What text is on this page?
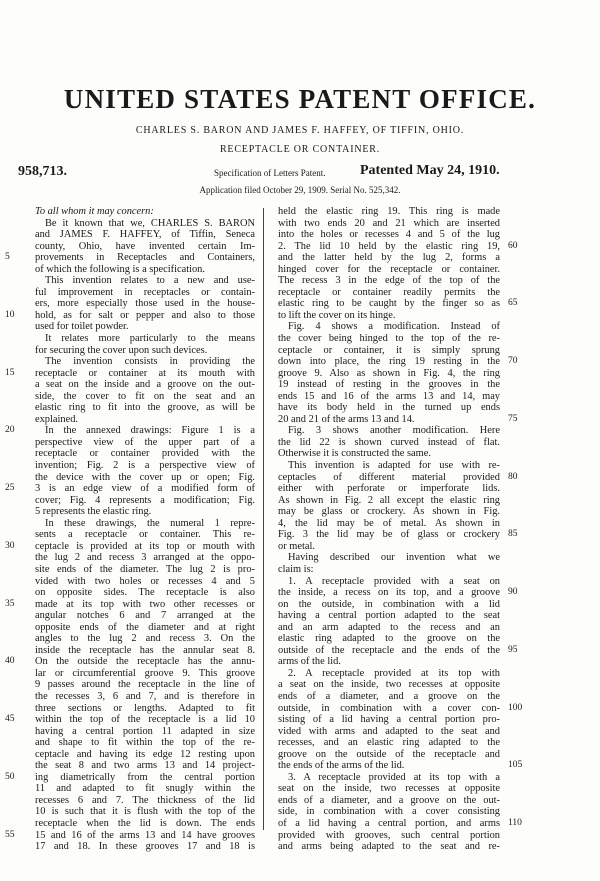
UNITED STATES PATENT OFFICE.
CHARLES S. BARON AND JAMES F. HAFFEY, OF TIFFIN, OHIO.
RECEPTACLE OR CONTAINER.
958,713.	Specification of Letters Patent. Patented May 24, 1910.
Application filed October 29, 1909. Serial No. 525,342.
To all whom it may concern:
Be it known that we, CHARLES S. BARON
and JAMES F. HAFFEY, of Tiffin, Seneca
county, Ohio, have invented certain Im-
provements in Receptacles and Containers,
of which the following is a specification.
This invention relates to a new and use-
ful improvement in receptacles or contain-
ers, more especially those used in the house-
hold, as for salt or pepper and also to those
used for toilet powder.
It relates more particularly to the means
for securing the cover upon such devices.
The invention consists in providing the
receptacle or container at its mouth with
a seat on the inside and a groove on the out-
side, the cover to fit on the seat and an
elastic ring to fit into the groove, as will be
explained.
In the annexed drawings: Figure 1 is a
perspective view of the upper part of a
receptacle or container provided with the
invention; Fig. 2 is a perspective view of
the device with the cover up or open; Fig.
3 is an edge view of a modified form of
cover; Fig. 4 represents a modification; Fig.
5 represents the elastic ring.
In these drawings, the numeral 1 repre-
sents a receptacle or container. This re-
ceptacle is provided at its top or mouth with
the lug 2 and recess 3 arranged at the oppo-
site ends of the diameter. The lug 2 is pro-
vided with two holes or recesses 4 and 5
on opposite sides. The receptacle is also
made at its top with two other recesses or
angular notches 6 and 7 arranged at the
opposite ends of the diameter and at right
angles to the lug 2 and recess 3. On the
inside the receptacle has the annular seat 8.
On the outside the receptacle has the annu-
lar or circumferential groove 9. This groove
9 passes around the receptacle in the line of
the recesses 3, 6 and 7, and is therefore in
three sections or lengths. Adapted to fit
within the top of the receptacle is a lid 10
having a central portion 11 adapted in size
and shape to fit within the top of the re-
ceptacle and having its edge 12 resting upon
the seat 8 and two arms 13 and 14 project-
ing diametrically from the central portion
11 and adapted to fit snugly within the
recesses 6 and 7. The thickness of the lid
10 is such that it is flush with the top of the
receptacle when the lid is down. The ends
15 and 16 of the arms 13 and 14 have grooves
17 and 18. In these grooves 17 and 18 is
held the elastic ring 19. This ring is made
with two ends 20 and 21 which are inserted
into the holes or recesses 4 and 5 of the lug
2. The lid 10 held by the elastic ring 19,
and the latter held by the lug 2, forms a
hinged cover for the receptacle or container.
The recess 3 in the edge of the top of the
receptacle or container readily permits the
elastic ring to be caught by the finger so as
to lift the cover on its hinge.
Fig. 4 shows a modification. Instead of
the cover being hinged to the top of the re-
ceptacle or container, it is simply sprung
down into place, the ring 19 resting in the
groove 9. Also as shown in Fig. 4, the ring
19 instead of resting in the grooves in the
ends 15 and 16 of the arms 13 and 14, may
have its body held in the turned up ends
20 and 21 of the arms 13 and 14.
Fig. 3 shows another modification. Here
the lid 22 is shown curved instead of flat.
Otherwise it is constructed the same.
This invention is adapted for use with re-
ceptacles of different material provided
either with perforate or imperforate lids.
As shown in Fig. 2 all except the elastic ring
may be glass or crockery. As shown in Fig.
4, the lid may be of metal. As shown in
Fig. 3 the lid may be of glass or crockery
or metal.
Having described our invention what we
claim is:
1. A receptacle provided with a seat on
the inside, a recess on its top, and a groove
on the outside, in combination with a lid
having a central portion adapted to the seat
and an arm adapted to the recess and an
elastic ring adapted to the groove on the
outside of the receptacle and the ends of the
arms of the lid.
2. A receptacle provided at its top with
a seat on the inside, two recesses at opposite
ends of a diameter, and a groove on the
outside, in combination with a cover con-
sisting of a lid having a central portion pro-
vided with arms and adapted to the seat and
recesses, and an elastic ring adapted to the
groove on the outside of the receptacle and
the ends of the arms of the lid.
3. A receptacle provided at its top with a
seat on the inside, two recesses at opposite
ends of a diameter, and a groove on the out-
side, in combination with a cover consisting
of a lid having a central portion, and arms
provided with grooves, such central portion
and arms being adapted to the seat and re-
5
10
15
20
25
30
35
40
45
50
55
60
65
70
75
80
85
90
95
100
105
110
